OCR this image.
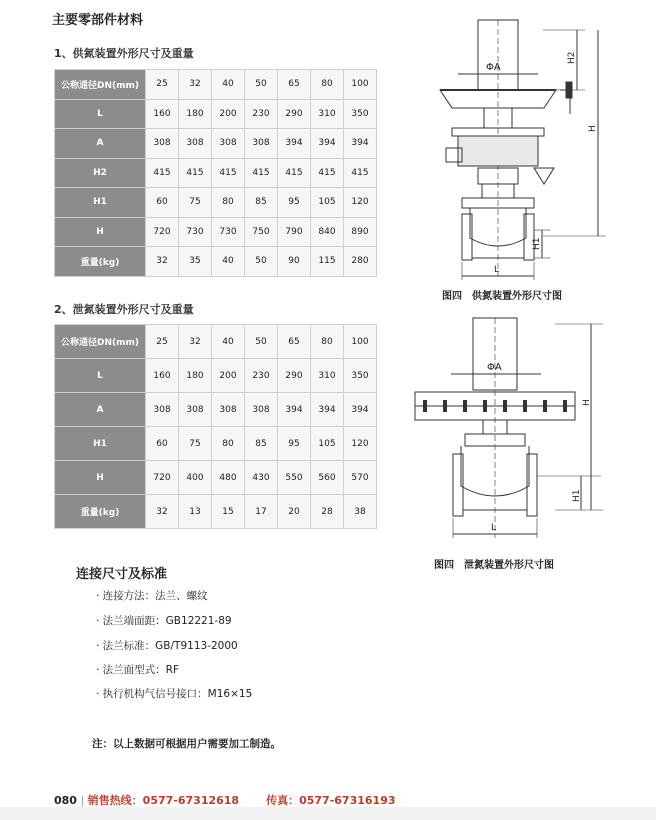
主要零部件材料
1、供氮装置外形尺寸及重量
公称通径DN(mm)	25	32	40	50	65	80	100
L	160	180	200	230	290	310	350
A	308	308	308	308	394	394	394
H2	415	415	415	415	415	415	415
H1	60	75	80	85	95	105	120
H	720	730	730	750	790	840	890
重量(kg)	32	35	40	50	90	115	280
ΦA
H2
H
H1
L
图四　供氮装置外形尺寸图
2、泄氮装置外形尺寸及重量
公称通径DN(mm)	25	32	40	50	65	80	100
L	160	180	200	230	290	310	350
A	308	308	308	308	394	394	394
H1	60	75	80	85	95	105	120
H	720	400	480	430	550	560	570
重量(kg)	32	13	15	17	20	28	38
ΦA
H
H1
L
图四　泄氮装置外形尺寸图
连接尺寸及标准
· 连接方法：法兰、螺纹
· 法兰端面距：GB12221-89
· 法兰标准：GB/T9113-2000
· 法兰面型式：RF
· 执行机构气信号接口：M16×15
注：以上数据可根据用户需要加工制造。
080 | 销售热线：0577-67312618 传真：0577-67316193
